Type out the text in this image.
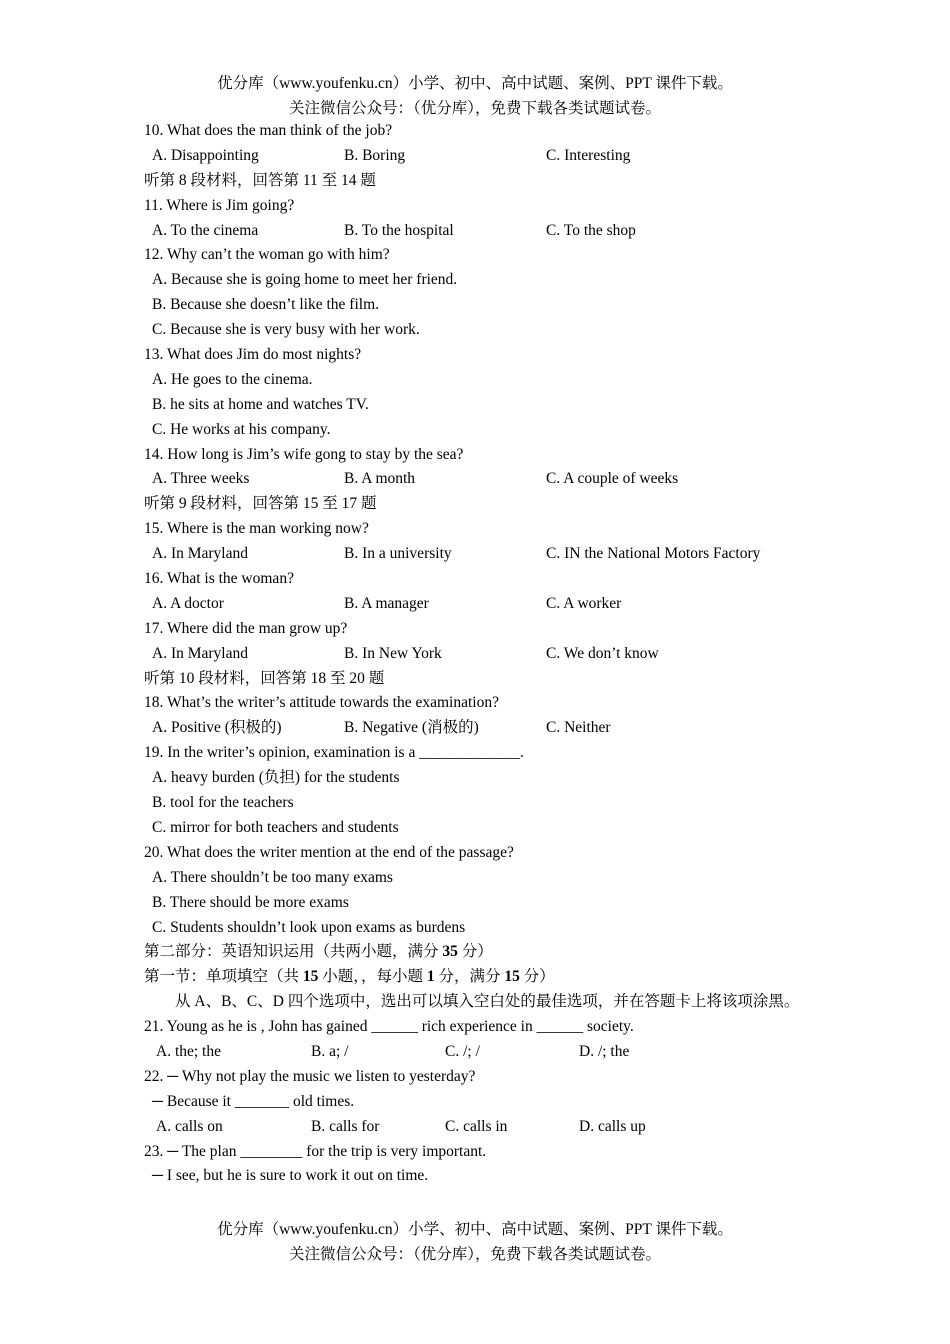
优分库（www.youfenku.cn）小学、初中、高中试题、案例、PPT 课件下载。
关注微信公众号：（优分库），免费下载各类试题试卷。
10. What does the man think of the job?
A. Disappointing	B. Boring	C. Interesting
听第 8 段材料，回答第 11 至 14 题
11. Where is Jim going?
A. To the cinema	B. To the hospital	C. To the shop
12. Why can’t the woman go with him?
A. Because she is going home to meet her friend.
B. Because she doesn’t like the film.
C. Because she is very busy with her work.
13. What does Jim do most nights?
A. He goes to the cinema.
B. he sits at home and watches TV.
C. He works at his company.
14. How long is Jim’s wife gong to stay by the sea?
A. Three weeks	B. A month	C. A couple of weeks
听第 9 段材料，回答第 15 至 17 题
15. Where is the man working now?
A. In Maryland	B. In a university	C. IN the National Motors Factory
16. What is the woman?
A. A doctor	B. A manager	C. A worker
17. Where did the man grow up?
A. In Maryland	B. In New York	C. We don’t know
听第 10 段材料，回答第 18 至 20 题
18. What’s the writer’s attitude towards the examination?
A. Positive (积极的)	B. Negative (消极的)	C. Neither
19. In the writer’s opinion, examination is a _____________.
A. heavy burden (负担) for the students
B. tool for the teachers
C. mirror for both teachers and students
20. What does the writer mention at the end of the passage?
A. There shouldn’t be too many exams
B. There should be more exams
C. Students shouldn’t look upon exams as burdens
第二部分：英语知识运用（共两小题，满分 35 分）
第一节：单项填空（共 15 小题，，每小题 1 分，满分 15 分）
从 A、B、C、D 四个选项中，选出可以填入空白处的最佳选项，并在答题卡上将该项涂黑。
21. Young as he is , John has gained ______ rich experience in ______ society.
A. the; the	B. a; /	C. /; /	D. /; the
22. ─ Why not play the music we listen to yesterday?
─ Because it _______ old times.
A. calls on	B. calls for	C. calls in	D. calls up
23. ─ The plan ________ for the trip is very important.
─ I see, but he is sure to work it out on time.
优分库（www.youfenku.cn）小学、初中、高中试题、案例、PPT 课件下载。
关注微信公众号：（优分库），免费下载各类试题试卷。
